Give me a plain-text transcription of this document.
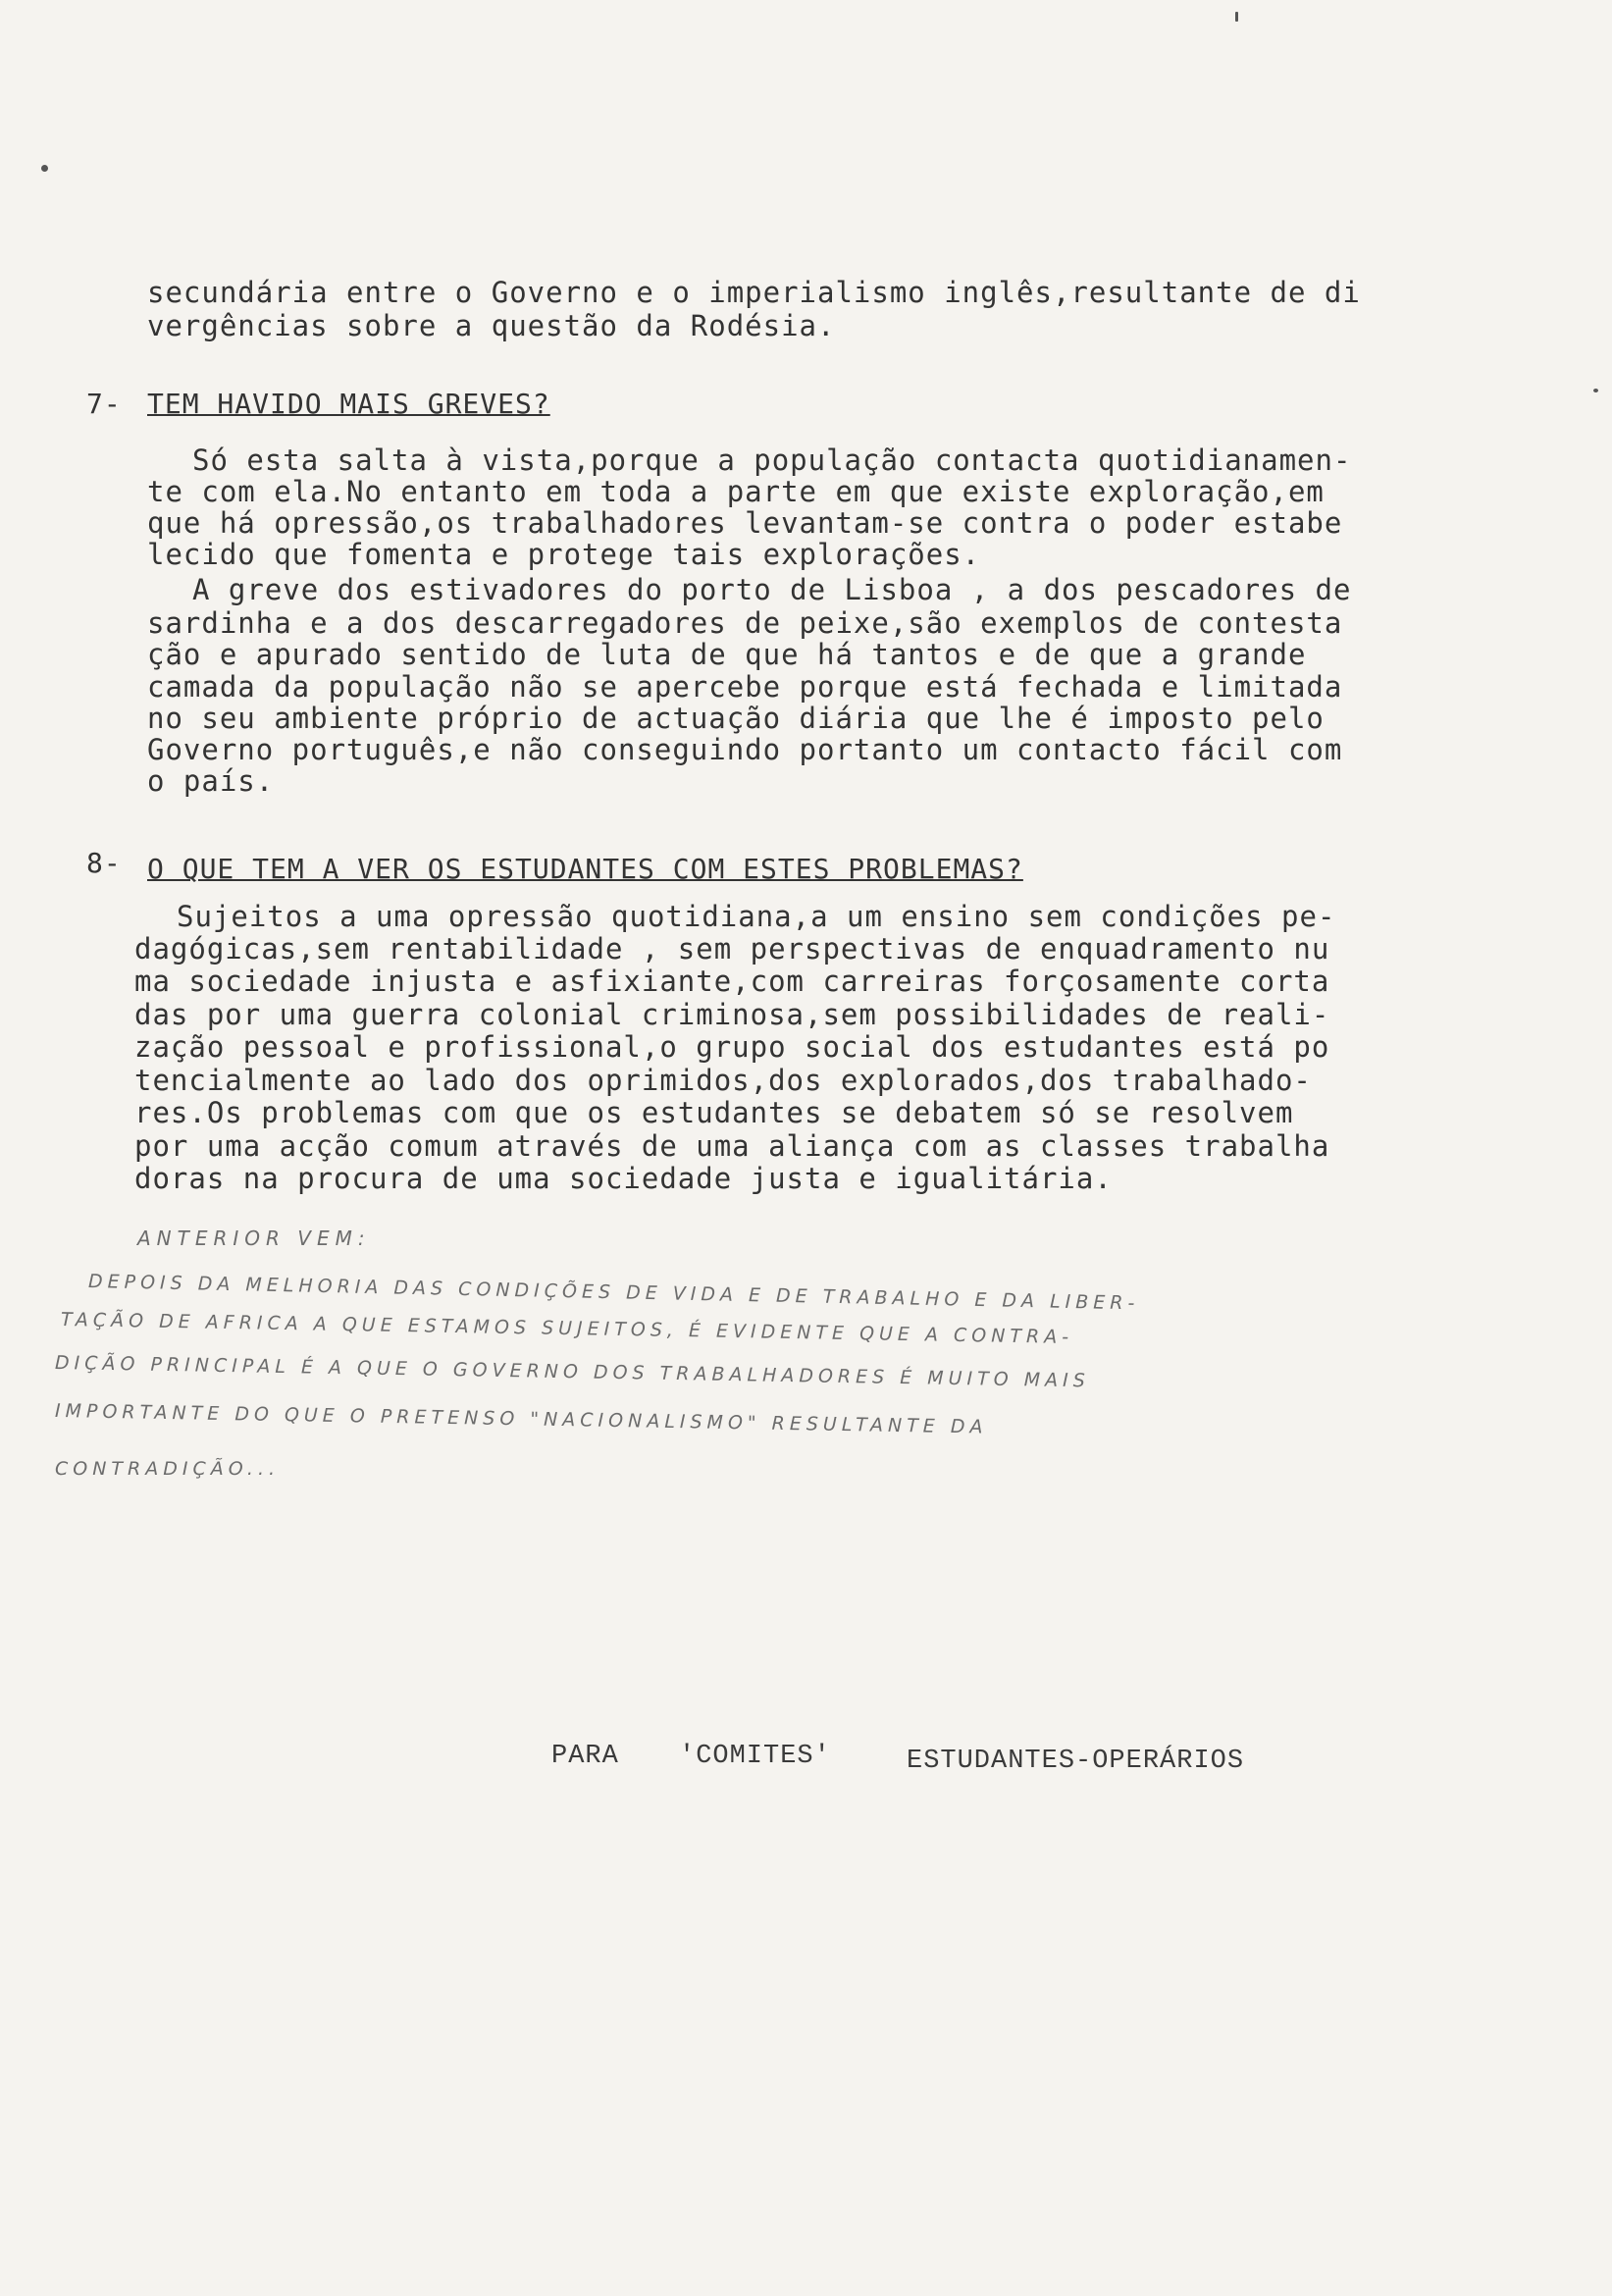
secundária entre o Governo e o imperialismo inglês,resultante de di
vergências sobre a questão da Rodésia.
7- TEM HAVIDO MAIS GREVES?
Só esta salta à vista,porque a população contacta quotidianamen-
te com ela.No entanto em toda a parte em que existe exploração,em
que há opressão,os trabalhadores levantam-se contra o poder estabe
lecido que fomenta e protege tais explorações.
A greve dos estivadores do porto de Lisboa , a dos pescadores de
sardinha e a dos descarregadores de peixe,são exemplos de contesta
ção e apurado sentido de luta de que há tantos e de que a grande
camada da população não se apercebe porque está fechada e limitada
no seu ambiente próprio de actuação diária que lhe é imposto pelo
Governo português,e não conseguindo portanto um contacto fácil com
o país.
8- O QUE TEM A VER OS ESTUDANTES COM ESTES PROBLEMAS?
Sujeitos a uma opressão quotidiana,a um ensino sem condições pe-
dagógicas,sem rentabilidade , sem perspectivas de enquadramento nu
ma sociedade injusta e asfixiante,com carreiras forçosamente corta
das por uma guerra colonial criminosa,sem possibilidades de reali-
zação pessoal e profissional,o grupo social dos estudantes está po
tencialmente ao lado dos oprimidos,dos explorados,dos trabalhado-
res.Os problemas com que os estudantes se debatem só se resolvem
por uma acção comum através de uma aliança com as classes trabalha
doras na procura de uma sociedade justa e igualitária.
ANTERIOR VEM:
DEPOIS DA MELHORIA DAS CONDIÇÕES DE VIDA E DE TRABALHO E DA LIBER-
TAÇÃO DE AFRICA A QUE ESTAMOS SUJEITOS, É EVIDENTE QUE A CONTRA-
DIÇÃO PRINCIPAL É A QUE O GOVERNO DOS TRABALHADORES É MUITO MAIS
IMPORTANTE DO QUE O PRETENSO "NACIONALISMO" RESULTANTE DA
CONTRADIÇÃO...
PARA 'COMITES'	ESTUDANTES-OPERÁRIOS
